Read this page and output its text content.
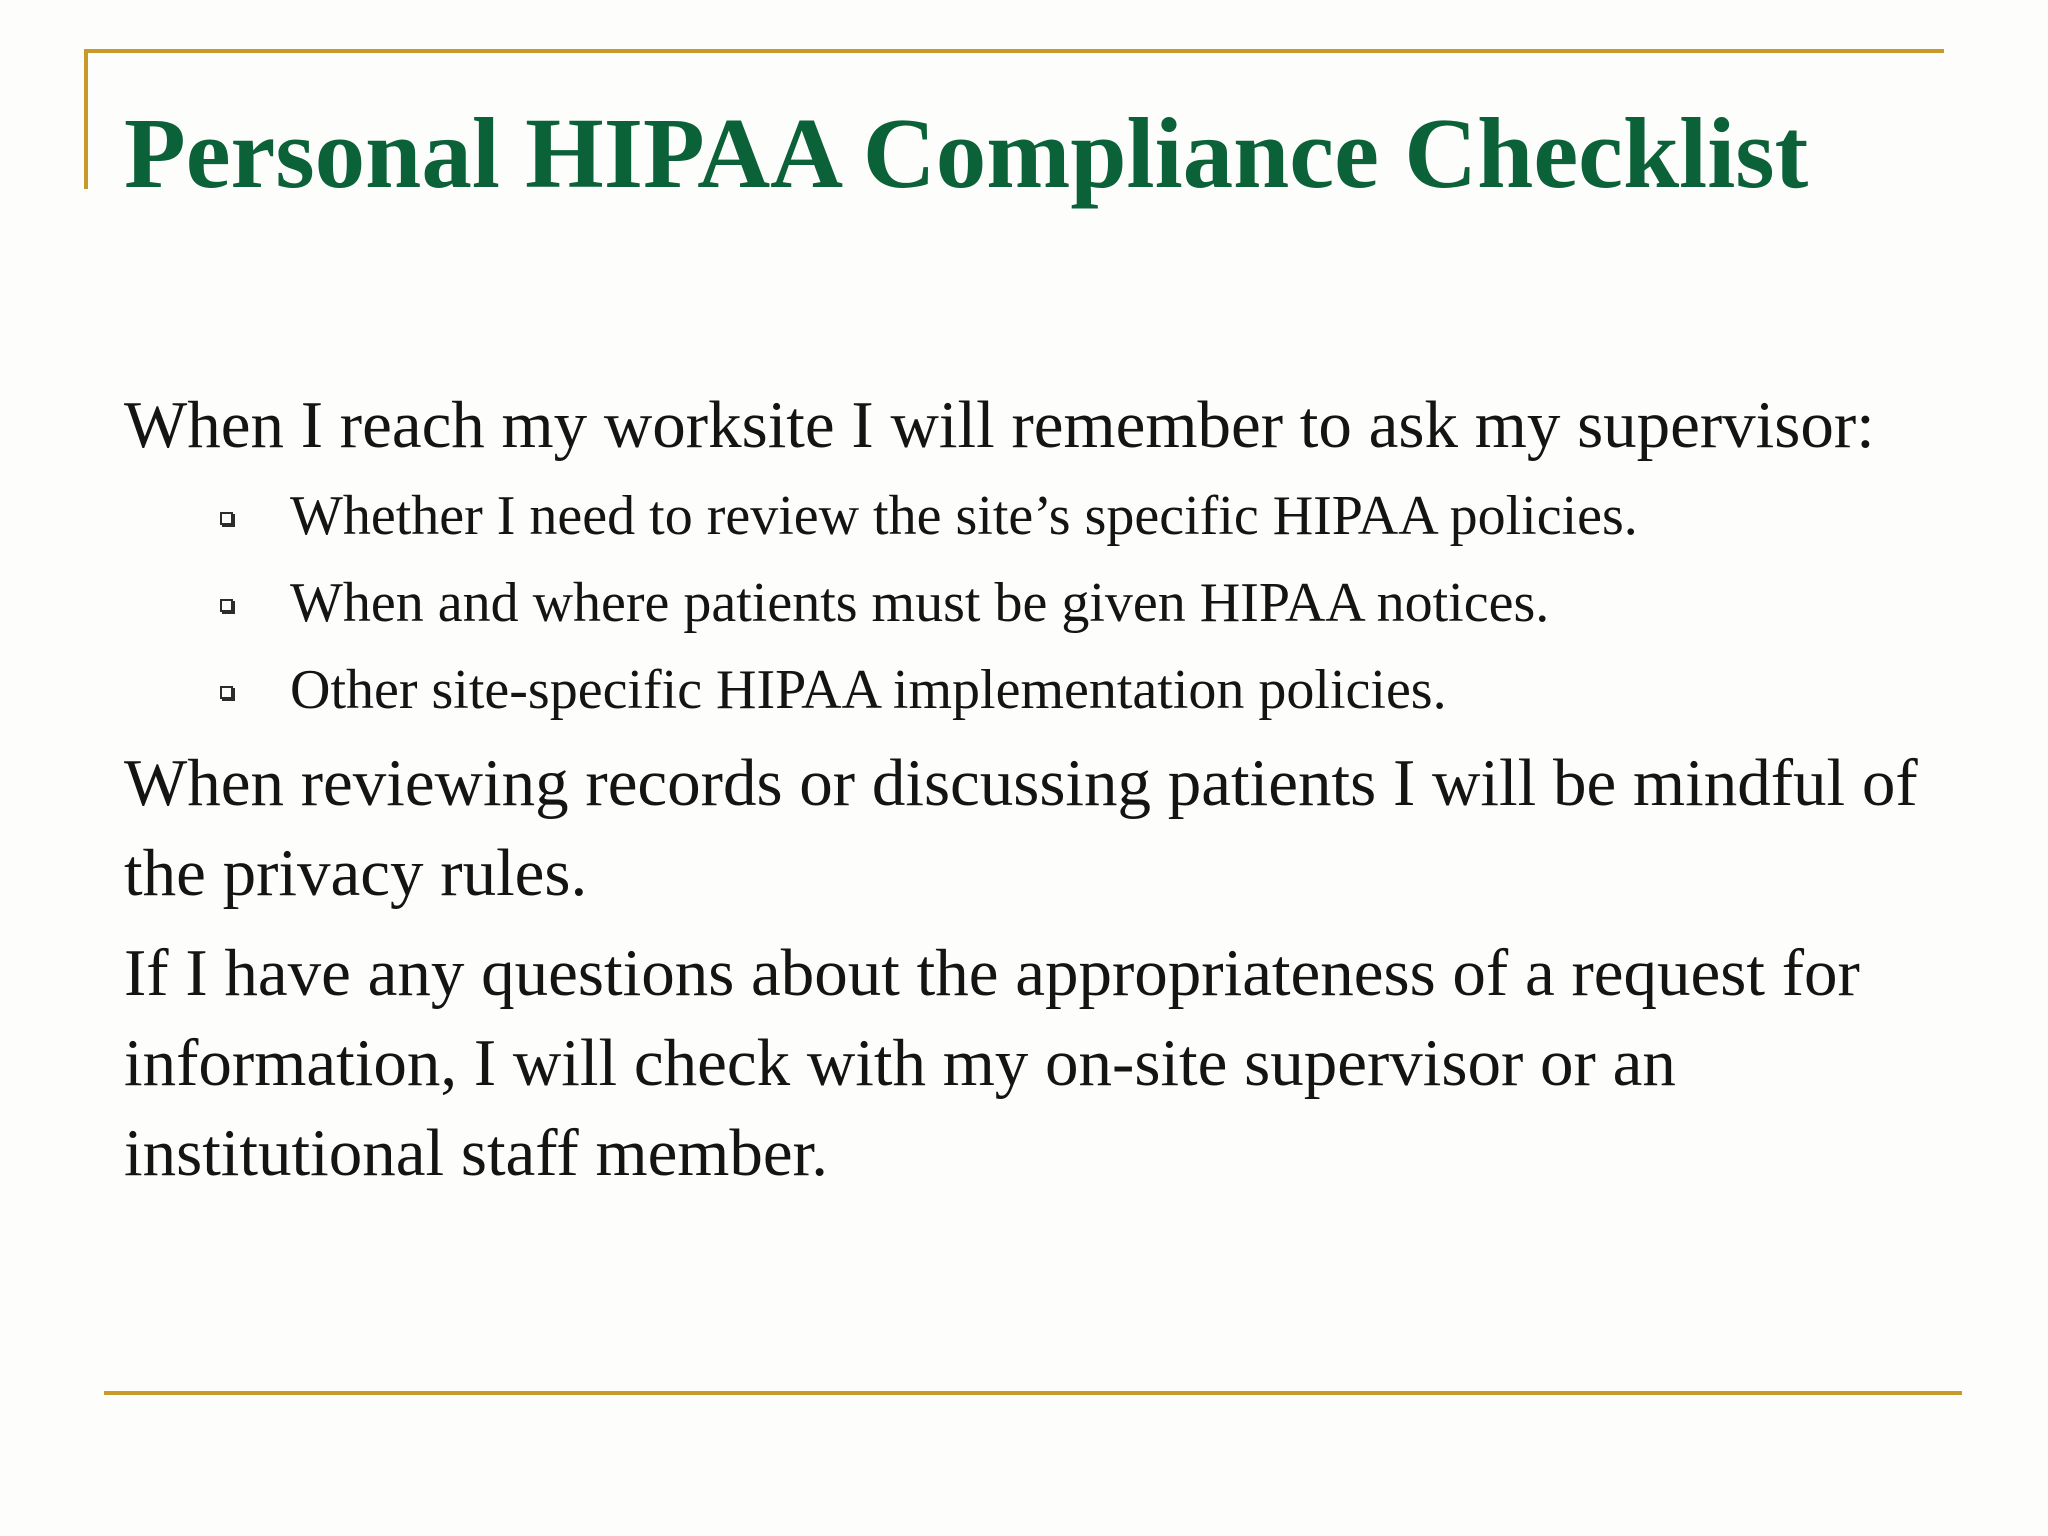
Personal HIPAA Compliance Checklist

When I reach my worksite I will remember to ask my supervisor:

Whether I need to review the site’s specific HIPAA policies.
When and where patients must be given HIPAA notices.
Other site-specific HIPAA implementation policies.

When reviewing records or discussing patients I will be mindful of the privacy rules.

If I have any questions about the appropriateness of a request for information, I will check with my on-site supervisor or an institutional staff member.
